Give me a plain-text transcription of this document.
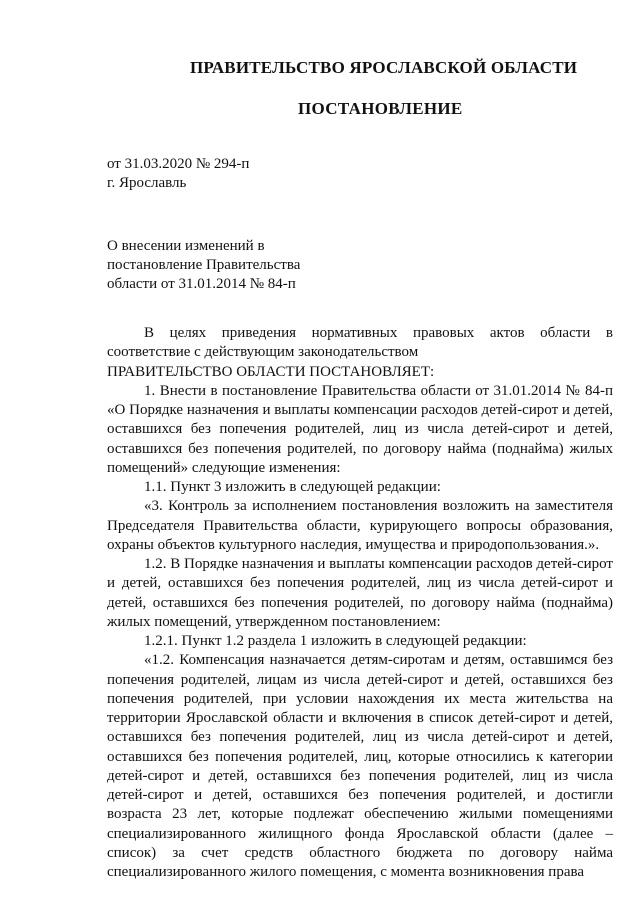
ПРАВИТЕЛЬСТВО ЯРОСЛАВСКОЙ ОБЛАСТИ
ПОСТАНОВЛЕНИЕ
от 31.03.2020 № 294-п
г. Ярославль
О внесении изменений в
постановление Правительства
области от 31.01.2014 № 84-п

В целях приведения нормативных правовых актов области в соответствие с действующим законодательством

ПРАВИТЕЛЬСТВО ОБЛАСТИ ПОСТАНОВЛЯЕТ:

1. Внести в постановление Правительства области от 31.01.2014 № 84-п «О Порядке назначения и выплаты компенсации расходов детей-сирот и детей, оставшихся без попечения родителей, лиц из числа детей-сирот и детей, оставшихся без попечения родителей, по договору найма (поднайма) жилых помещений» следующие изменения:

1.1. Пункт 3 изложить в следующей редакции:

«3. Контроль за исполнением постановления возложить на заместителя Председателя Правительства области, курирующего вопросы образования, охраны объектов культурного наследия, имущества и природопользования.».

1.2. В Порядке назначения и выплаты компенсации расходов детей-сирот и детей, оставшихся без попечения родителей, лиц из числа детей-сирот и детей, оставшихся без попечения родителей, по договору найма (поднайма) жилых помещений, утвержденном постановлением:

1.2.1. Пункт 1.2 раздела 1 изложить в следующей редакции:

«1.2. Компенсация назначается детям-сиротам и детям, оставшимся без попечения родителей, лицам из числа детей-сирот и детей, оставшихся без попечения родителей, при условии нахождения их места жительства на территории Ярославской области и включения в список детей-сирот и детей, оставшихся без попечения родителей, лиц из числа детей-сирот и детей, оставшихся без попечения родителей, лиц, которые относились к категории детей-сирот и детей, оставшихся без попечения родителей, лиц из числа детей-сирот и детей, оставшихся без попечения родителей, и достигли возраста 23 лет, которые подлежат обеспечению жилыми помещениями специализированного жилищного фонда Ярославской области (далее – список) за счет средств областного бюджета по договору найма специализированного жилого помещения, с момента возникновения права
